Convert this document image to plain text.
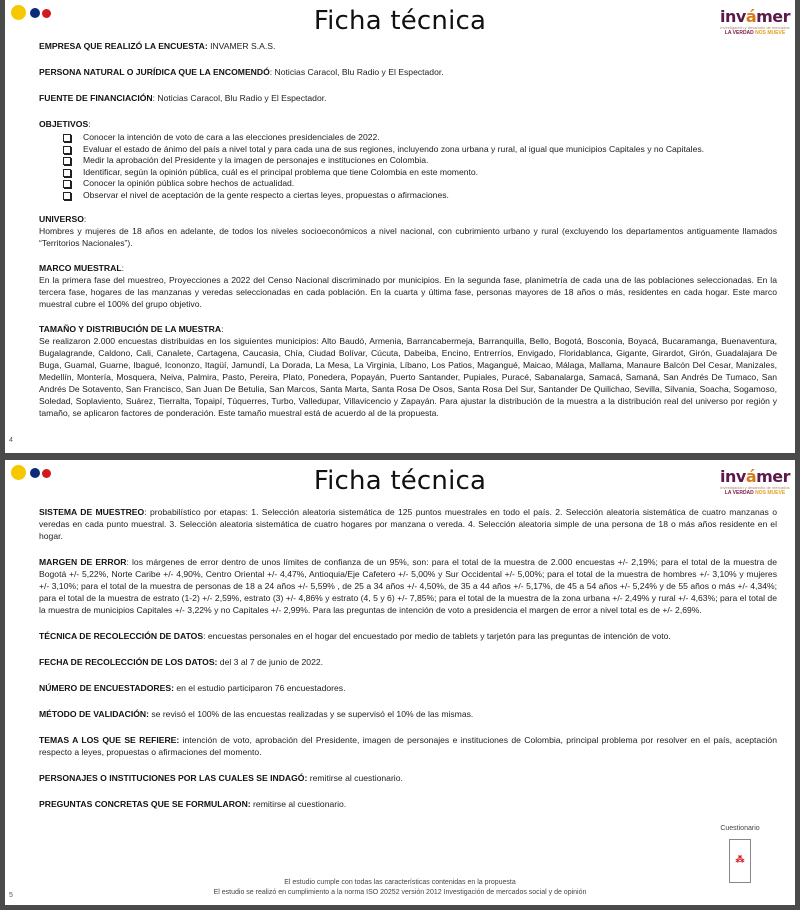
Ficha técnica	invámer
investigación y desarrollo de mercados
LA VERDAD NOS MUEVE
EMPRESA QUE REALIZÓ LA ENCUESTA: INVAMER S.A.S.
PERSONA NATURAL O JURÍDICA QUE LA ENCOMENDÓ: Noticias Caracol, Blu Radio y El Espectador.
FUENTE DE FINANCIACIÓN: Noticias Caracol, Blu Radio y El Espectador.
OBJETIVOS:
Conocer la intención de voto de cara a las elecciones presidenciales de 2022.
Evaluar el estado de ánimo del país a nivel total y para cada una de sus regiones, incluyendo zona urbana y rural, al igual que municipios Capitales y no Capitales.
Medir la aprobación del Presidente y la imagen de personajes e instituciones en Colombia.
Identificar, según la opinión pública, cuál es el principal problema que tiene Colombia en este momento.
Conocer la opinión pública sobre hechos de actualidad.
Observar el nivel de aceptación de la gente respecto a ciertas leyes, propuestas o afirmaciones.
UNIVERSO:
Hombres y mujeres de 18 años en adelante, de todos los niveles socioeconómicos a nivel nacional, con cubrimiento urbano y rural (excluyendo los departamentos antiguamente llamados “Territorios Nacionales”).
MARCO MUESTRAL:
En la primera fase del muestreo, Proyecciones a 2022 del Censo Nacional discriminado por municipios. En la segunda fase, planimetría de cada una de las poblaciones seleccionadas. En la tercera fase, hogares de las manzanas y veredas seleccionadas en cada población. En la cuarta y última fase, personas mayores de 18 años o más, residentes en cada hogar. Este marco muestral cubre el 100% del grupo objetivo.
TAMAÑO Y DISTRIBUCIÓN DE LA MUESTRA:
Se realizaron 2.000 encuestas distribuidas en los siguientes municipios: Alto Baudó, Armenia, Barrancabermeja, Barranquilla, Bello, Bogotá, Bosconia, Boyacá, Bucaramanga, Buenaventura, Bugalagrande, Caldono, Cali, Canalete, Cartagena, Caucasia, Chía, Ciudad Bolívar, Cúcuta, Dabeiba, Encino, Entrerríos, Envigado, Floridablanca, Gigante, Girardot, Girón, Guadalajara De Buga, Guamal, Guarne, Ibagué, Icononzo, Itagüí, Jamundí, La Dorada, La Mesa, La Virginia, Líbano, Los Patios, Magangué, Maicao, Málaga, Mallama, Manaure Balcón Del Cesar, Manizales, Medellín, Montería, Mosquera, Neiva, Palmira, Pasto, Pereira, Plato, Ponedera, Popayán, Puerto Santander, Pupiales, Puracé, Sabanalarga, Samacá, Samaná, San Andrés De Tumaco, San Andrés De Sotavento, San Francisco, San Juan De Betulia, San Marcos, Santa Marta, Santa Rosa De Osos, Santa Rosa Del Sur, Santander De Quilichao, Sevilla, Silvania, Soacha, Sogamoso, Soledad, Soplaviento, Suárez, Tierralta, Topaipí, Túquerres, Turbo, Valledupar, Villavicencio y Zapayán. Para ajustar la distribución de la muestra a la distribución real del universo por región y tamaño, se aplicaron factores de ponderación. Este tamaño muestral está de acuerdo al de la propuesta.
4
Ficha técnica	invámer
investigación y desarrollo de mercados
LA VERDAD NOS MUEVE
SISTEMA DE MUESTREO: probabilístico por etapas: 1. Selección aleatoria sistemática de 125 puntos muestrales en todo el país. 2. Selección aleatoria sistemática de cuatro manzanas o veredas en cada punto muestral. 3. Selección aleatoria sistemática de cuatro hogares por manzana o vereda. 4. Selección aleatoria simple de una persona de 18 o más años residente en el hogar.
MARGEN DE ERROR: los márgenes de error dentro de unos límites de confianza de un 95%, son: para el total de la muestra de 2.000 encuestas +/- 2,19%; para el total de la muestra de Bogotá +/- 5,22%, Norte Caribe +/- 4,90%, Centro Oriental +/- 4,47%, Antioquia/Eje Cafetero +/- 5,00% y Sur Occidental +/- 5,00%; para el total de la muestra de hombres +/- 3,10% y mujeres +/- 3,10%; para el total de la muestra de personas de 18 a 24 años +/- 5,59% , de 25 a 34 años +/- 4,50%, de 35 a 44 años +/- 5,17%, de 45 a 54 años +/- 5,24% y de 55 años o más +/- 4,34%; para el total de la muestra de estrato (1-2) +/- 2,59%, estrato (3) +/- 4,86% y estrato (4, 5 y 6) +/- 7,85%; para el total de la muestra de la zona urbana +/- 2,49% y rural +/- 4,63%; para el total de la muestra de municipios Capitales +/- 3,22% y no Capitales +/- 2,99%. Para las preguntas de intención de voto a presidencia el margen de error a nivel total es de +/- 2,69%.
TÉCNICA DE RECOLECCIÓN DE DATOS: encuestas personales en el hogar del encuestado por medio de tablets y tarjetón para las preguntas de intención de voto.
FECHA DE RECOLECCIÓN DE LOS DATOS: del 3 al 7 de junio de 2022.
NÚMERO DE ENCUESTADORES: en el estudio participaron 76 encuestadores.
MÉTODO DE VALIDACIÓN: se revisó el 100% de las encuestas realizadas y se supervisó el 10% de las mismas.
TEMAS A LOS QUE SE REFIERE: intención de voto, aprobación del Presidente, imagen de personajes e instituciones de Colombia, principal problema por resolver en el país, aceptación respecto a leyes, propuestas o afirmaciones del momento.
PERSONAJES O INSTITUCIONES POR LAS CUALES SE INDAGÓ: remitirse al cuestionario.
PREGUNTAS CONCRETAS QUE SE FORMULARON: remitirse al cuestionario.
Cuestionario
⁂
El estudio cumple con todas las características contenidas en la propuesta
El estudio se realizó en cumplimiento a la norma ISO 20252 versión 2012 Investigación de mercados social y de opinión
5
